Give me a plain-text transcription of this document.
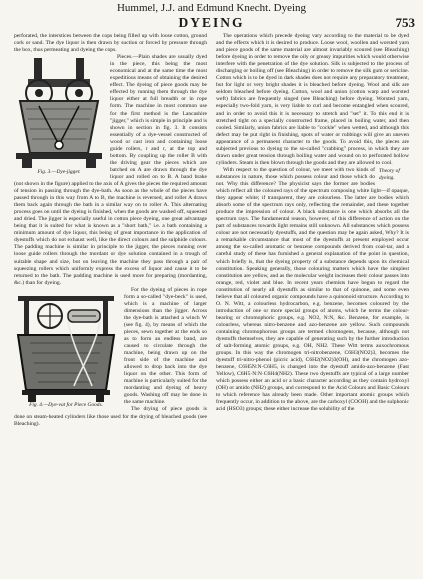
Hummel, J.J. and Edmund Knecht. Dyeing
DYEING	753

perforated, the interstices between the cops being filled up with loose cotton, ground cork or sand. The dye liquor is then drawn by suction or forced by pressure through the box, thus permeating and dyeing the cops.

Fig. 3.—Dye-jigger.

Pieces.—Plain shades are usually dyed in the piece, this being the most economical and at the same time the most expeditious means of obtaining the desired effect. The dyeing of piece goods may be effected by running them through the dye liquor either at full breadth or in rope form. The machine in most common use for the first method is the Lancashire "jigger," which is simple in principle and is shown in section in fig. 3. It consists essentially of a dye-vessel constructed of wood or cast iron and containing loose guide rollers, r and r, at the top and bottom. By coupling up the roller B with the driving gear the pieces which are batched on A are drawn through the dye liquor and rolled on to B. A band brake (not shown in the figure) applied to the axis of A gives the pieces the required amount of tension in passing through the dye-bath. As soon as the whole of the pieces have passed through in this way from A to B, the machine is reversed, and roller A draws them back again through the bath in a similar way on to roller A. This alternating process goes on until the dyeing is finished, when the goods are washed off, squeezed and dried. The jigger is especially useful in cotton piece dyeing, one great advantage being that it is suited for what is known as a "short bath," i.e. a bath containing a minimum amount of dye liquor, this being of great importance in the application of dyestuffs which do not exhaust well, like the direct colours and the sulphide colours. The padding machine is similar in principle to the jigger, the pieces running over loose guide rollers through the mordant or dye solution contained in a trough of suitable shape and size, but on leaving the machine they pass through a pair of squeezing rollers which uniformly express the excess of liquor and cause it to be returned to the bath. The padding machine is used more for preparing (mordanting, &c.) than for dyeing.

Fig. 4.—Dye-vat for Piece Goods.

For the dyeing of pieces in rope form a so-called "dye-beck" is used, which is a machine of larger dimensions than the jigger. Across the dye-bath is attached a winch W (see fig. 4), by means of which the pieces, sewn together at the ends so as to form an endless band, are caused to circulate through the machine, being drawn up on the front side of the machine and allowed to drop back into the dye liquor on the other. This form of machine is particularly suited for the mordanting and dyeing of heavy goods. Washing off may be done in the same machine.

The drying of piece goods is done on steam-heated cylinders like those used for the drying of bleached goods (see Bleaching).

The operations which precede dyeing vary according to the material to be dyed and the effects which it is desired to produce. Loose wool, woollen and worsted yarn and piece goods of the same material are almost invariably scoured (see Bleaching) before dyeing in order to remove the oily or greasy impurities which would otherwise interfere with the penetration of the dye solution. Silk is subjected to the process of discharging or boiling off (see Bleaching) in order to remove the silk gum or sericine. Cotton which is to be dyed in dark shades does not require any preparatory treatment, but for light or very bright shades it is bleached before dyeing. Wool and silk are seldom bleached before dyeing. Cotton, wool and union (cotton warp and worsted weft) fabrics are frequently singed (see Bleaching) before dyeing. Worsted yarn, especially two-fold yarn, is very liable to curl and become entangled when scoured, and in order to avoid this it is necessary to stretch and "set" it. To this end it is stretched tight on a specially constructed frame, placed in boiling water, and then cooled. Similarly, union fabrics are liable to "cockle" when wetted, and although this defect may be put right in finishing, spots of water or rubbings will give an uneven appearance of a permanent character to the goods. To avoid this, the pieces are subjected previous to dyeing to the so-called "crabbing" process, in which they are drawn under great tension through boiling water and wound on to perforated hollow cylinders. Steam is then blown through the goods and they are allowed to cool.

Theory of dyeing.

With respect to the question of colour, we meet with two kinds of substances in nature, those which possess colour and those which do not. Why this difference? The physicist says the former are bodies which reflect all the coloured rays of the spectrum composing white light—if opaque, they appear white; if transparent, they are colourless. The latter are bodies which absorb some of the spectrum rays only, reflecting the remainder, and these together produce the impression of colour. A black substance is one which absorbs all the spectrum rays. The fundamental reason, however, of this difference of action on the part of substances towards light remains still unknown. All substances which possess colour are not necessarily dyestuffs, and the question may be again asked, Why? It is a remarkable circumstance that most of the dyestuffs at present employed occur among the so-called aromatic or benzene compounds derived from coal-tar, and a careful study of these has furnished a general explanation of the point in question, which briefly is, that the dyeing property of a substance depends upon its chemical constitution. Speaking generally, those colouring matters which have the simplest constitution are yellow, and as the molecular weight increases their colour passes into orange, red, violet and blue. In recent years chemists have begun to regard the constitution of nearly all dyestuffs as similar to that of quinone, and some even believe that all coloured organic compounds have a quinonoid structure. According to O. N. Witt, a colourless hydrocarbon, e.g. benzene, becomes coloured by the introduction of one or more special groups of atoms, which he terms the colour-bearing or chromophoric groups, e.g. NO2, N:N, &c. Benzene, for example, is colourless, whereas nitro-benzene and azo-benzene are yellow. Such compounds containing chromophorous groups are termed chromogens, because, although not dyestuffs themselves, they are capable of generating such by the further introduction of salt-forming atomic groups, e.g. OH, NH2. These Witt terms auxochromous groups. In this way the chromogen tri-nitrobenzene, C6H3(NO2)3, becomes the dyestuff tri-nitro-phenol (picric acid), C6H2(NO2)3(OH), and the chromogen azo-benzene, C6H5N:N·C6H5, is changed into the dyestuff amido-azo-benzene (Fast Yellow), C6H5·N:N·C6H4(NH2). These two dyestuffs are typical of a large number which possess either an acid or a basic character according as they contain hydroxyl (OH) or amido (NH2) groups, and correspond to the Acid Colours and Basic Colours to which reference has already been made. Other important atomic groups which frequently occur, in addition to the above, are the carboxyl (COOH) and the sulphonic acid (HSO3) groups; these either increase the solubility of the
